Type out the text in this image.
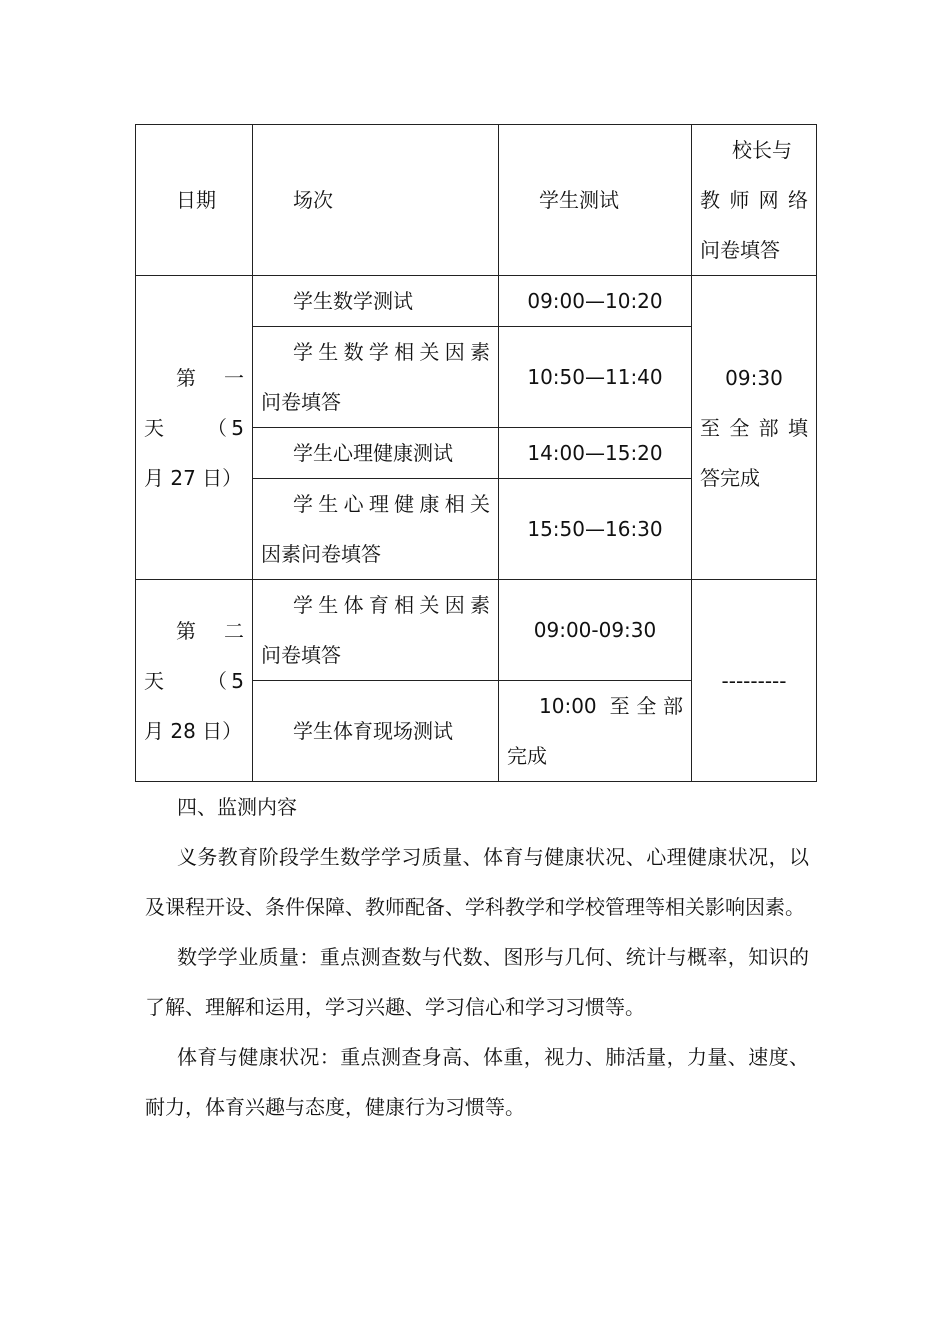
日期	场次	学生测试	校长与
教师网络
问卷填答

第　一
天　　（5
月 27 日）	学生数学测试	09:00—10:20	09:30
至全部填
答完成

	学生数学相关因素
问卷填答	10:50—11:40	
	学生心理健康测试	14:00—15:20	

	学生心理健康相关
因素问卷填答	15:50—16:30	

第　二
天　　（5
月 28 日）	学生体育相关因素
问卷填答	09:00-09:30	---------
	学生体育现场测试	10:00 至全部
完成	

四、监测内容

义务教育阶段学生数学学习质量、体育与健康状况、心理健康状况，以及课程开设、条件保障、教师配备、学科教学和学校管理等相关影响因素。

数学学业质量：重点测查数与代数、图形与几何、统计与概率，知识的了解、理解和运用，学习兴趣、学习信心和学习习惯等。

体育与健康状况：重点测查身高、体重，视力、肺活量，力量、速度、耐力，体育兴趣与态度，健康行为习惯等。
